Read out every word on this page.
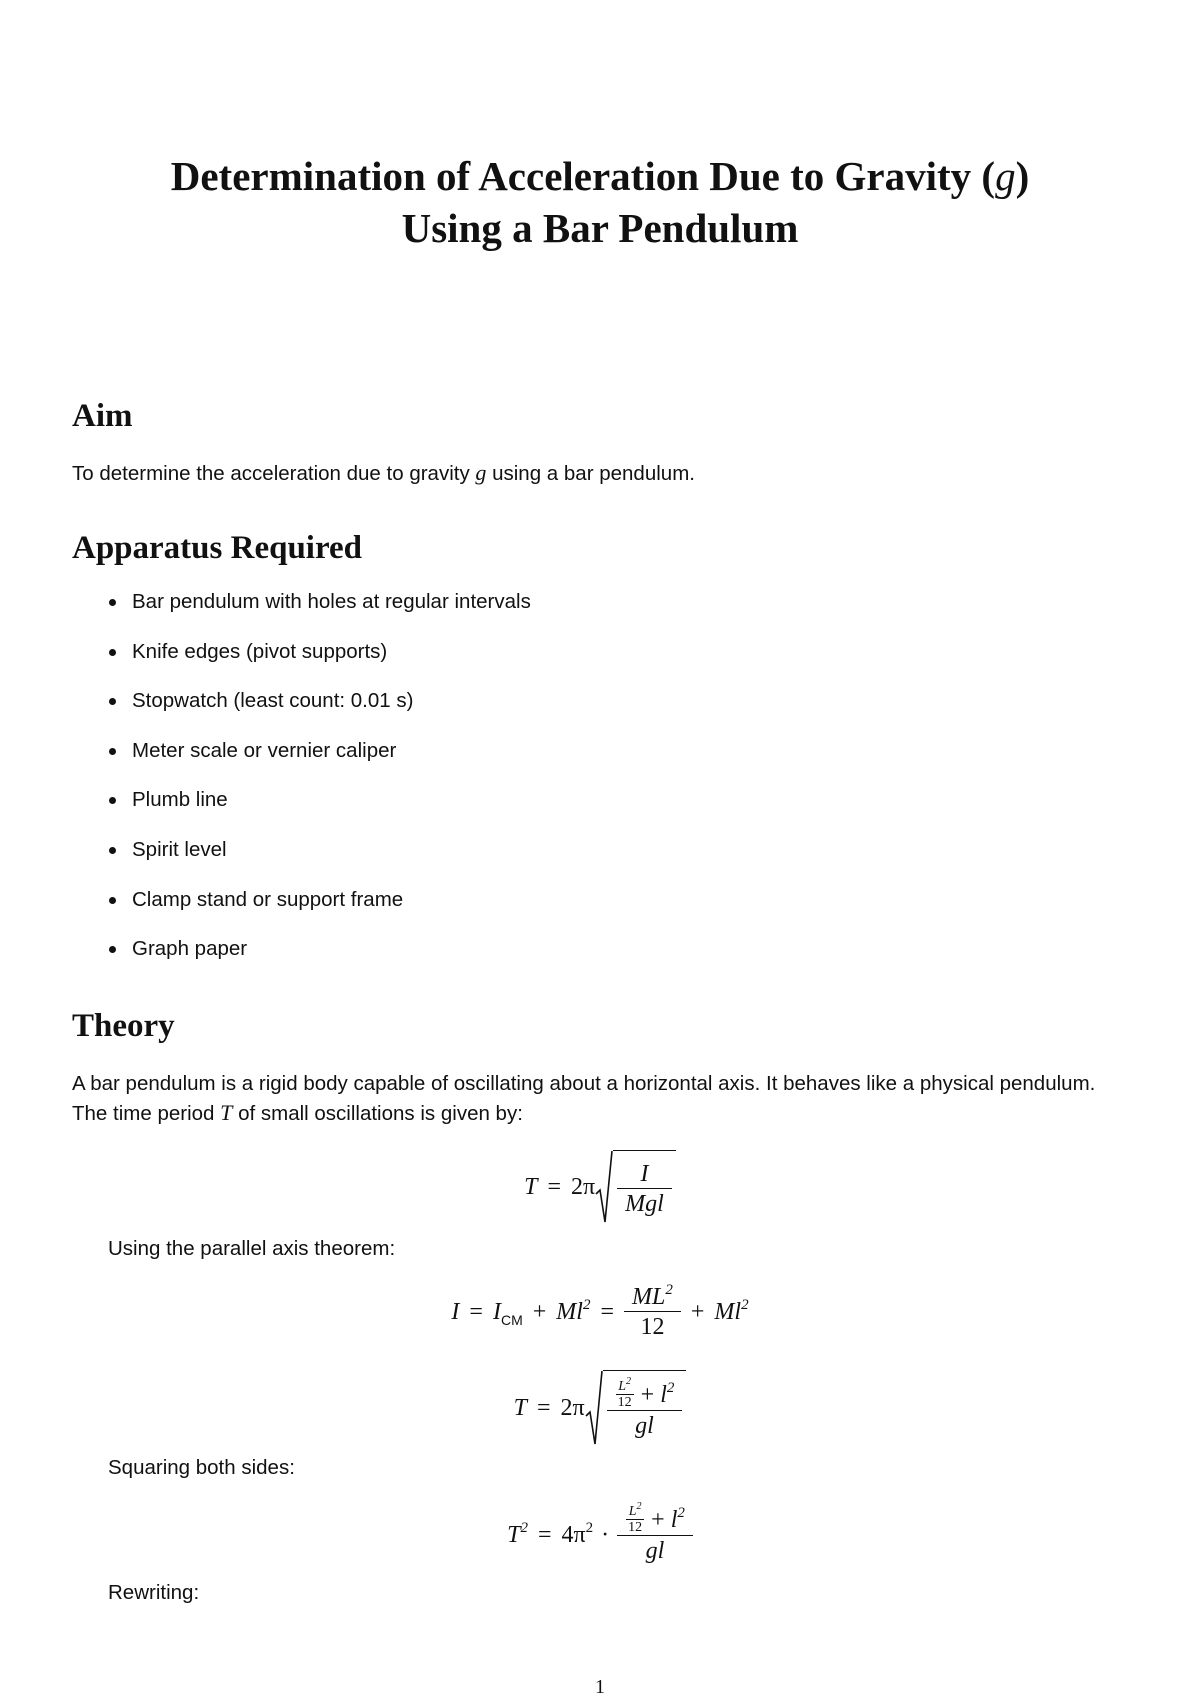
Determination of Acceleration Due to Gravity (g)
Using a Bar Pendulum
Aim

To determine the acceleration due to gravity g using a bar pendulum.

Apparatus Required
Bar pendulum with holes at regular intervals
Knife edges (pivot supports)
Stopwatch (least count: 0.01 s)
Meter scale or vernier caliper
Plumb line
Spirit level
Clamp stand or support frame
Graph paper
Theory

A bar pendulum is a rigid body capable of oscillating about a horizontal axis. It behaves like a physical pendulum. The time period T of small oscillations is given by:

$T = 2\pi \frac{I}{\text{Mgl}}$

Using the parallel axis theorem:

$I = I_{CM} + Ml^2 = \frac{ML^2}{12} + Ml^2$
$T = 2\pi \frac{L^2}{12} + l^2$
gl

Squaring both sides:

$T^2 = 4\pi^2 \cdot \frac{\frac{L^2}{12} + l^2}{gl}$

Rewriting:

1
